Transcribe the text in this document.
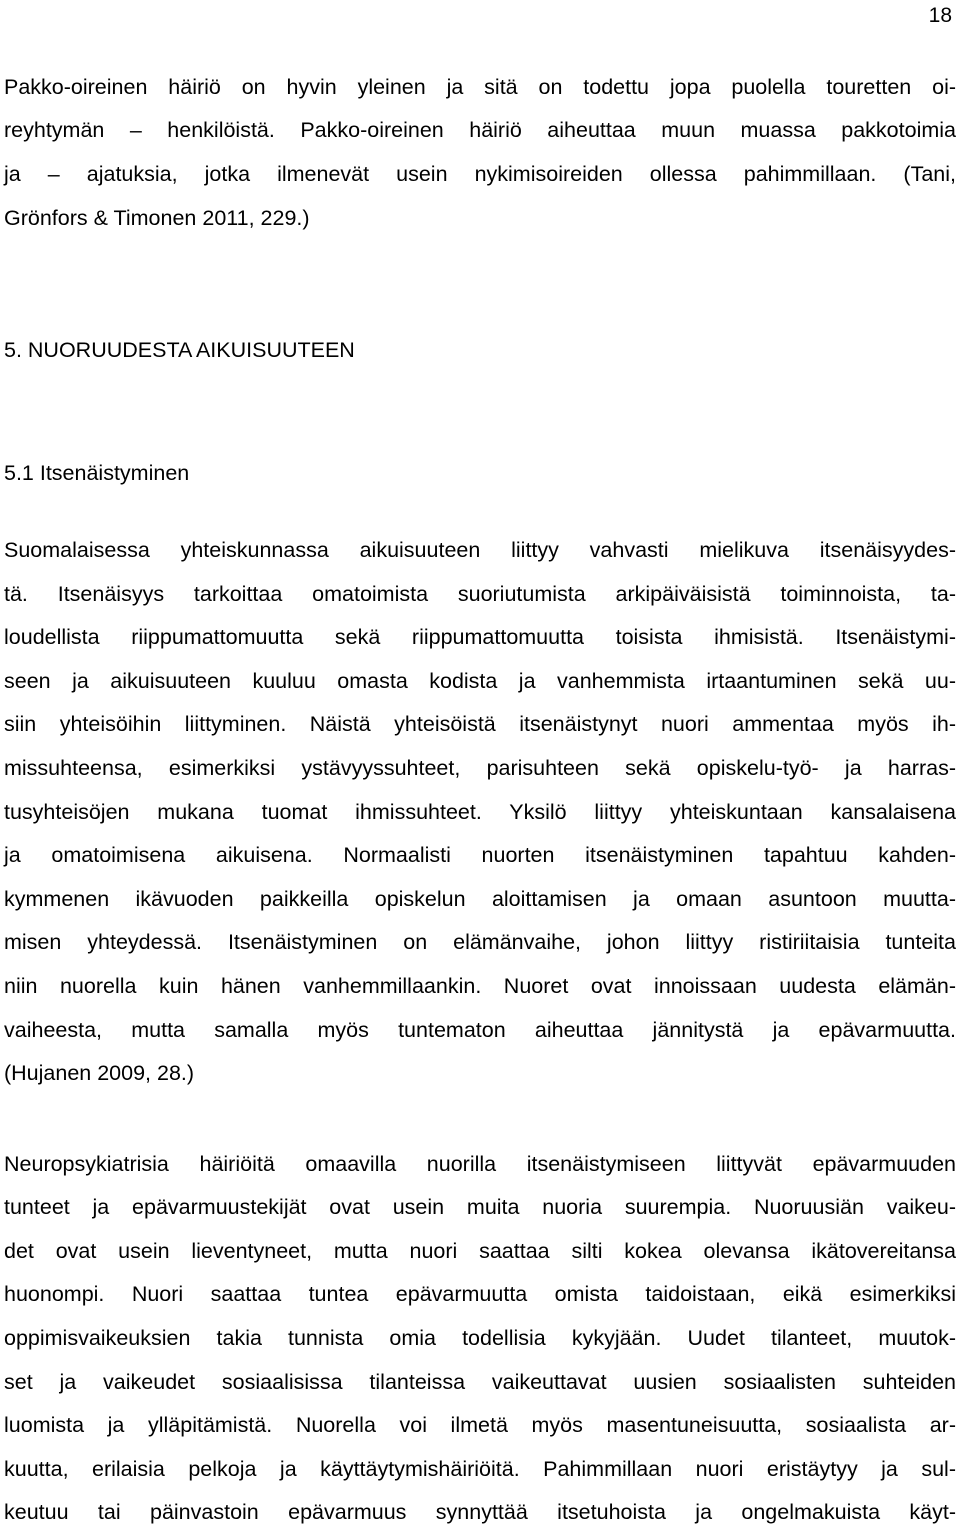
18
Pakko-oireinen häiriö on hyvin yleinen ja sitä on todettu jopa puolella touretten oi-
reyhtymän – henkilöistä. Pakko-oireinen häiriö aiheuttaa muun muassa pakkotoimia
ja – ajatuksia, jotka ilmenevät usein nykimisoireiden ollessa pahimmillaan. (Tani,
Grönfors & Timonen 2011, 229.)
5. NUORUUDESTA AIKUISUUTEEN
5.1 Itsenäistyminen
Suomalaisessa yhteiskunnassa aikuisuuteen liittyy vahvasti mielikuva itsenäisyydes-
tä. Itsenäisyys tarkoittaa omatoimista suoriutumista arkipäiväisistä toiminnoista, ta-
loudellista riippumattomuutta sekä riippumattomuutta toisista ihmisistä. Itsenäistymi-
seen ja aikuisuuteen kuuluu omasta kodista ja vanhemmista irtaantuminen sekä uu-
siin yhteisöihin liittyminen. Näistä yhteisöistä itsenäistynyt nuori ammentaa myös ih-
missuhteensa, esimerkiksi ystävyyssuhteet, parisuhteen sekä opiskelu-työ- ja harras-
tusyhteisöjen mukana tuomat ihmissuhteet. Yksilö liittyy yhteiskuntaan kansalaisena
ja omatoimisena aikuisena. Normaalisti nuorten itsenäistyminen tapahtuu kahden-
kymmenen ikävuoden paikkeilla opiskelun aloittamisen ja omaan asuntoon muutta-
misen yhteydessä. Itsenäistyminen on elämänvaihe, johon liittyy ristiriitaisia tunteita
niin nuorella kuin hänen vanhemmillaankin. Nuoret ovat innoissaan uudesta elämän-
vaiheesta, mutta samalla myös tuntematon aiheuttaa jännitystä ja epävarmuutta.
(Hujanen 2009, 28.)
Neuropsykiatrisia häiriöitä omaavilla nuorilla itsenäistymiseen liittyvät epävarmuuden
tunteet ja epävarmuustekijät ovat usein muita nuoria suurempia. Nuoruusiän vaikeu-
det ovat usein lieventyneet, mutta nuori saattaa silti kokea olevansa ikätovereitansa
huonompi. Nuori saattaa tuntea epävarmuutta omista taidoistaan, eikä esimerkiksi
oppimisvaikeuksien takia tunnista omia todellisia kykyjään. Uudet tilanteet, muutok-
set ja vaikeudet sosiaalisissa tilanteissa vaikeuttavat uusien sosiaalisten suhteiden
luomista ja ylläpitämistä. Nuorella voi ilmetä myös masentuneisuutta, sosiaalista ar-
kuutta, erilaisia pelkoja ja käyttäytymishäiriöitä. Pahimmillaan nuori eristäytyy ja sul-
keutuu tai päinvastoin epävarmuus synnyttää itsetuhoista ja ongelmakuista käyt-
